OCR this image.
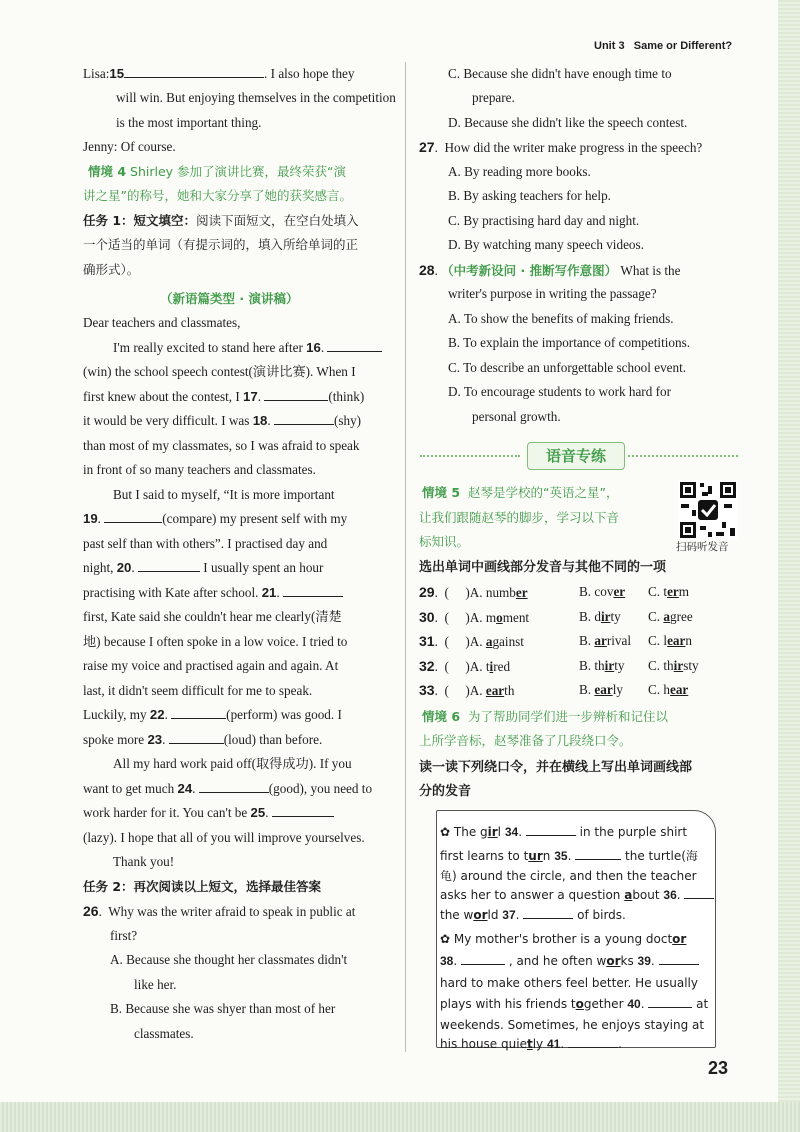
Unit 3 Same or Different?
Lisa:15	. I also hope they
will win. But enjoying themselves in the competition
is the most important thing.
Jenny: Of course.
情境 4 Shirley 参加了演讲比赛，最终荣获“演
讲之星”的称号，她和大家分享了她的获奖感言。
任务 1：短文填空：阅读下面短文，在空白处填入
一个适当的单词（有提示词的，填入所给单词的正
确形式）。
（新语篇类型 · 演讲稿）
Dear teachers and classmates,
I'm really excited to stand here after 16.
(win) the school speech contest(演讲比赛). When I
first knew about the contest, I 17.	(think)
it would be very difficult. I was 18.	(shy)
than most of my classmates, so I was afraid to speak
in front of so many teachers and classmates.
But I said to myself, “It is more important
19.	(compare) my present self with my
past self than with others”. I practised day and
night, 20.	I usually spent an hour
practising with Kate after school. 21.
first, Kate said she couldn't hear me clearly(清楚
地) because I often spoke in a low voice. I tried to
raise my voice and practised again and again. At
last, it didn't seem difficult for me to speak.
Luckily, my 22.	(perform) was good. I
spoke more 23.	(loud) than before.
All my hard work paid off(取得成功). If you
want to get much 24.	(good), you need to
work harder for it. You can't be 25.
(lazy). I hope that all of you will improve yourselves.
Thank you!
任务 2：再次阅读以上短文，选择最佳答案
26.  Why was the writer afraid to speak in public at
first?
A. Because she thought her classmates didn't
like her.
B. Because she was shyer than most of her
classmates.
C. Because she didn't have enough time to
prepare.
D. Because she didn't like the speech contest.
27.  How did the writer make progress in the speech?
A. By reading more books.
B. By asking teachers for help.
C. By practising hard day and night.
D. By watching many speech videos.
28. （中考新设问 · 推断写作意图） What is the
writer's purpose in writing the passage?
A. To show the benefits of making friends.
B. To explain the importance of competitions.
C. To describe an unforgettable school event.
D. To encourage students to work hard for
personal growth.
语音专练
情境 5 赵琴是学校的“英语之星”，
让我们跟随赵琴的脚步，学习以下音
标知识。	扫码听发音
选出单词中画线部分发音与其他不同的一项
29.  (     )A. number	B. cover C. term
30.  (     )A. moment	B. dirty C. agree
31.  (     )A. against	B. arrival C. learn
32.  (     )A. tired	B. thirty C. thirsty
33.  (     )A. earth	B. early C. hear
情境 6 为了帮助同学们进一步辨析和记住以
上所学音标，赵琴准备了几段绕口令。
读一读下列绕口令，并在横线上写出单词画线部
分的发音
✿ The girl 34.	in the purple shirt
first learns to turn 35.	the turtle(海
龟) around the circle, and then the teacher
asks her to answer a question about 36.
the world 37.	of birds.
✿ My mother's brother is a young doctor
38.	, and he often works 39.
hard to make others feel better. He usually
plays with his friends together 40.	at
weekends. Sometimes, he enjoys staying at
his house quietly 41.	.
23
